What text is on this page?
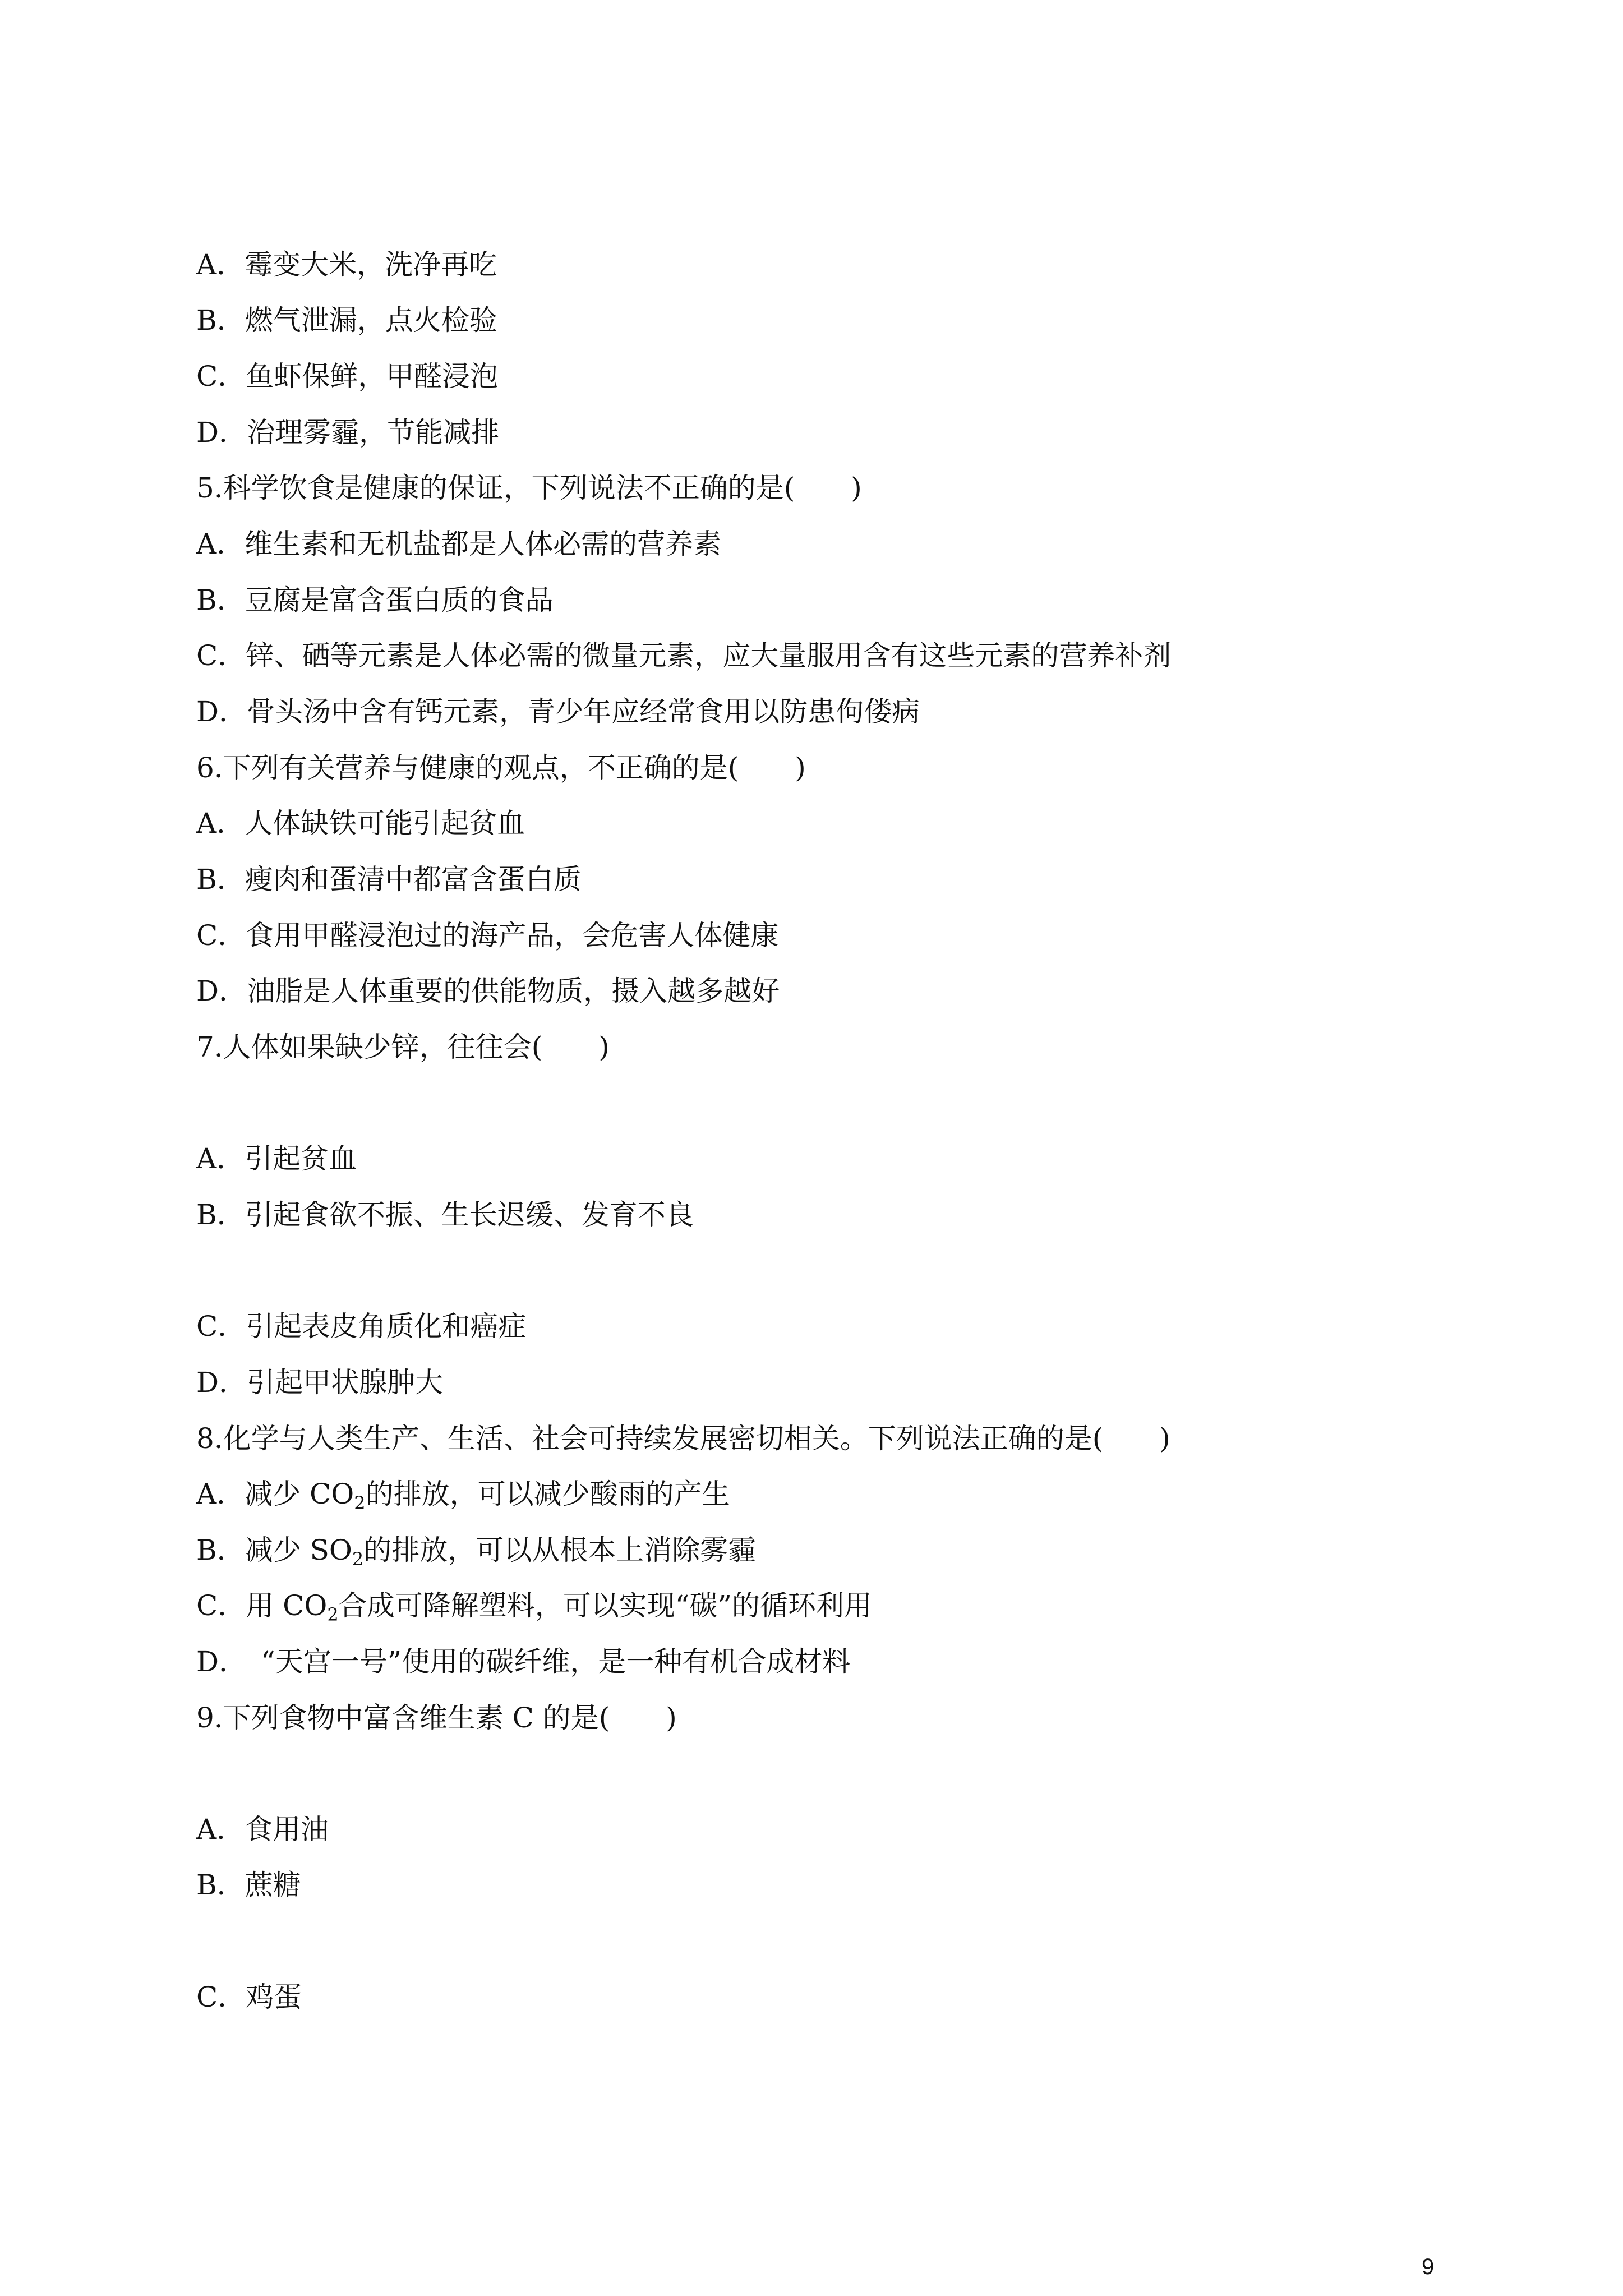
A．霉变大米，洗净再吃
B．燃气泄漏，点火检验
C．鱼虾保鲜，甲醛浸泡
D．治理雾霾，节能减排
5.科学饮食是健康的保证，下列说法不正确的是(　　)
A．维生素和无机盐都是人体必需的营养素
B．豆腐是富含蛋白质的食品
C．锌、硒等元素是人体必需的微量元素，应大量服用含有这些元素的营养补剂
D．骨头汤中含有钙元素，青少年应经常食用以防患佝偻病
6.下列有关营养与健康的观点，不正确的是(　　)
A．人体缺铁可能引起贫血
B．瘦肉和蛋清中都富含蛋白质
C．食用甲醛浸泡过的海产品，会危害人体健康
D．油脂是人体重要的供能物质，摄入越多越好
7.人体如果缺少锌，往往会(　　)
A．引起贫血
B．引起食欲不振、生长迟缓、发育不良
C．引起表皮角质化和癌症
D．引起甲状腺肿大
8.化学与人类生产、生活、社会可持续发展密切相关。下列说法正确的是(　　)
A．减少 $CO_2$的排放，可以减少酸雨的产生
B．减少 $SO_2$的排放，可以从根本上消除雾霾
C．用 $CO_2$合成可降解塑料，可以实现“碳”的循环利用
D．　“天宫一号”使用的碳纤维，是一种有机合成材料
9.下列食物中富含维生素 C 的是(　　)
A．食用油
B．蔗糖
C．鸡蛋
9
